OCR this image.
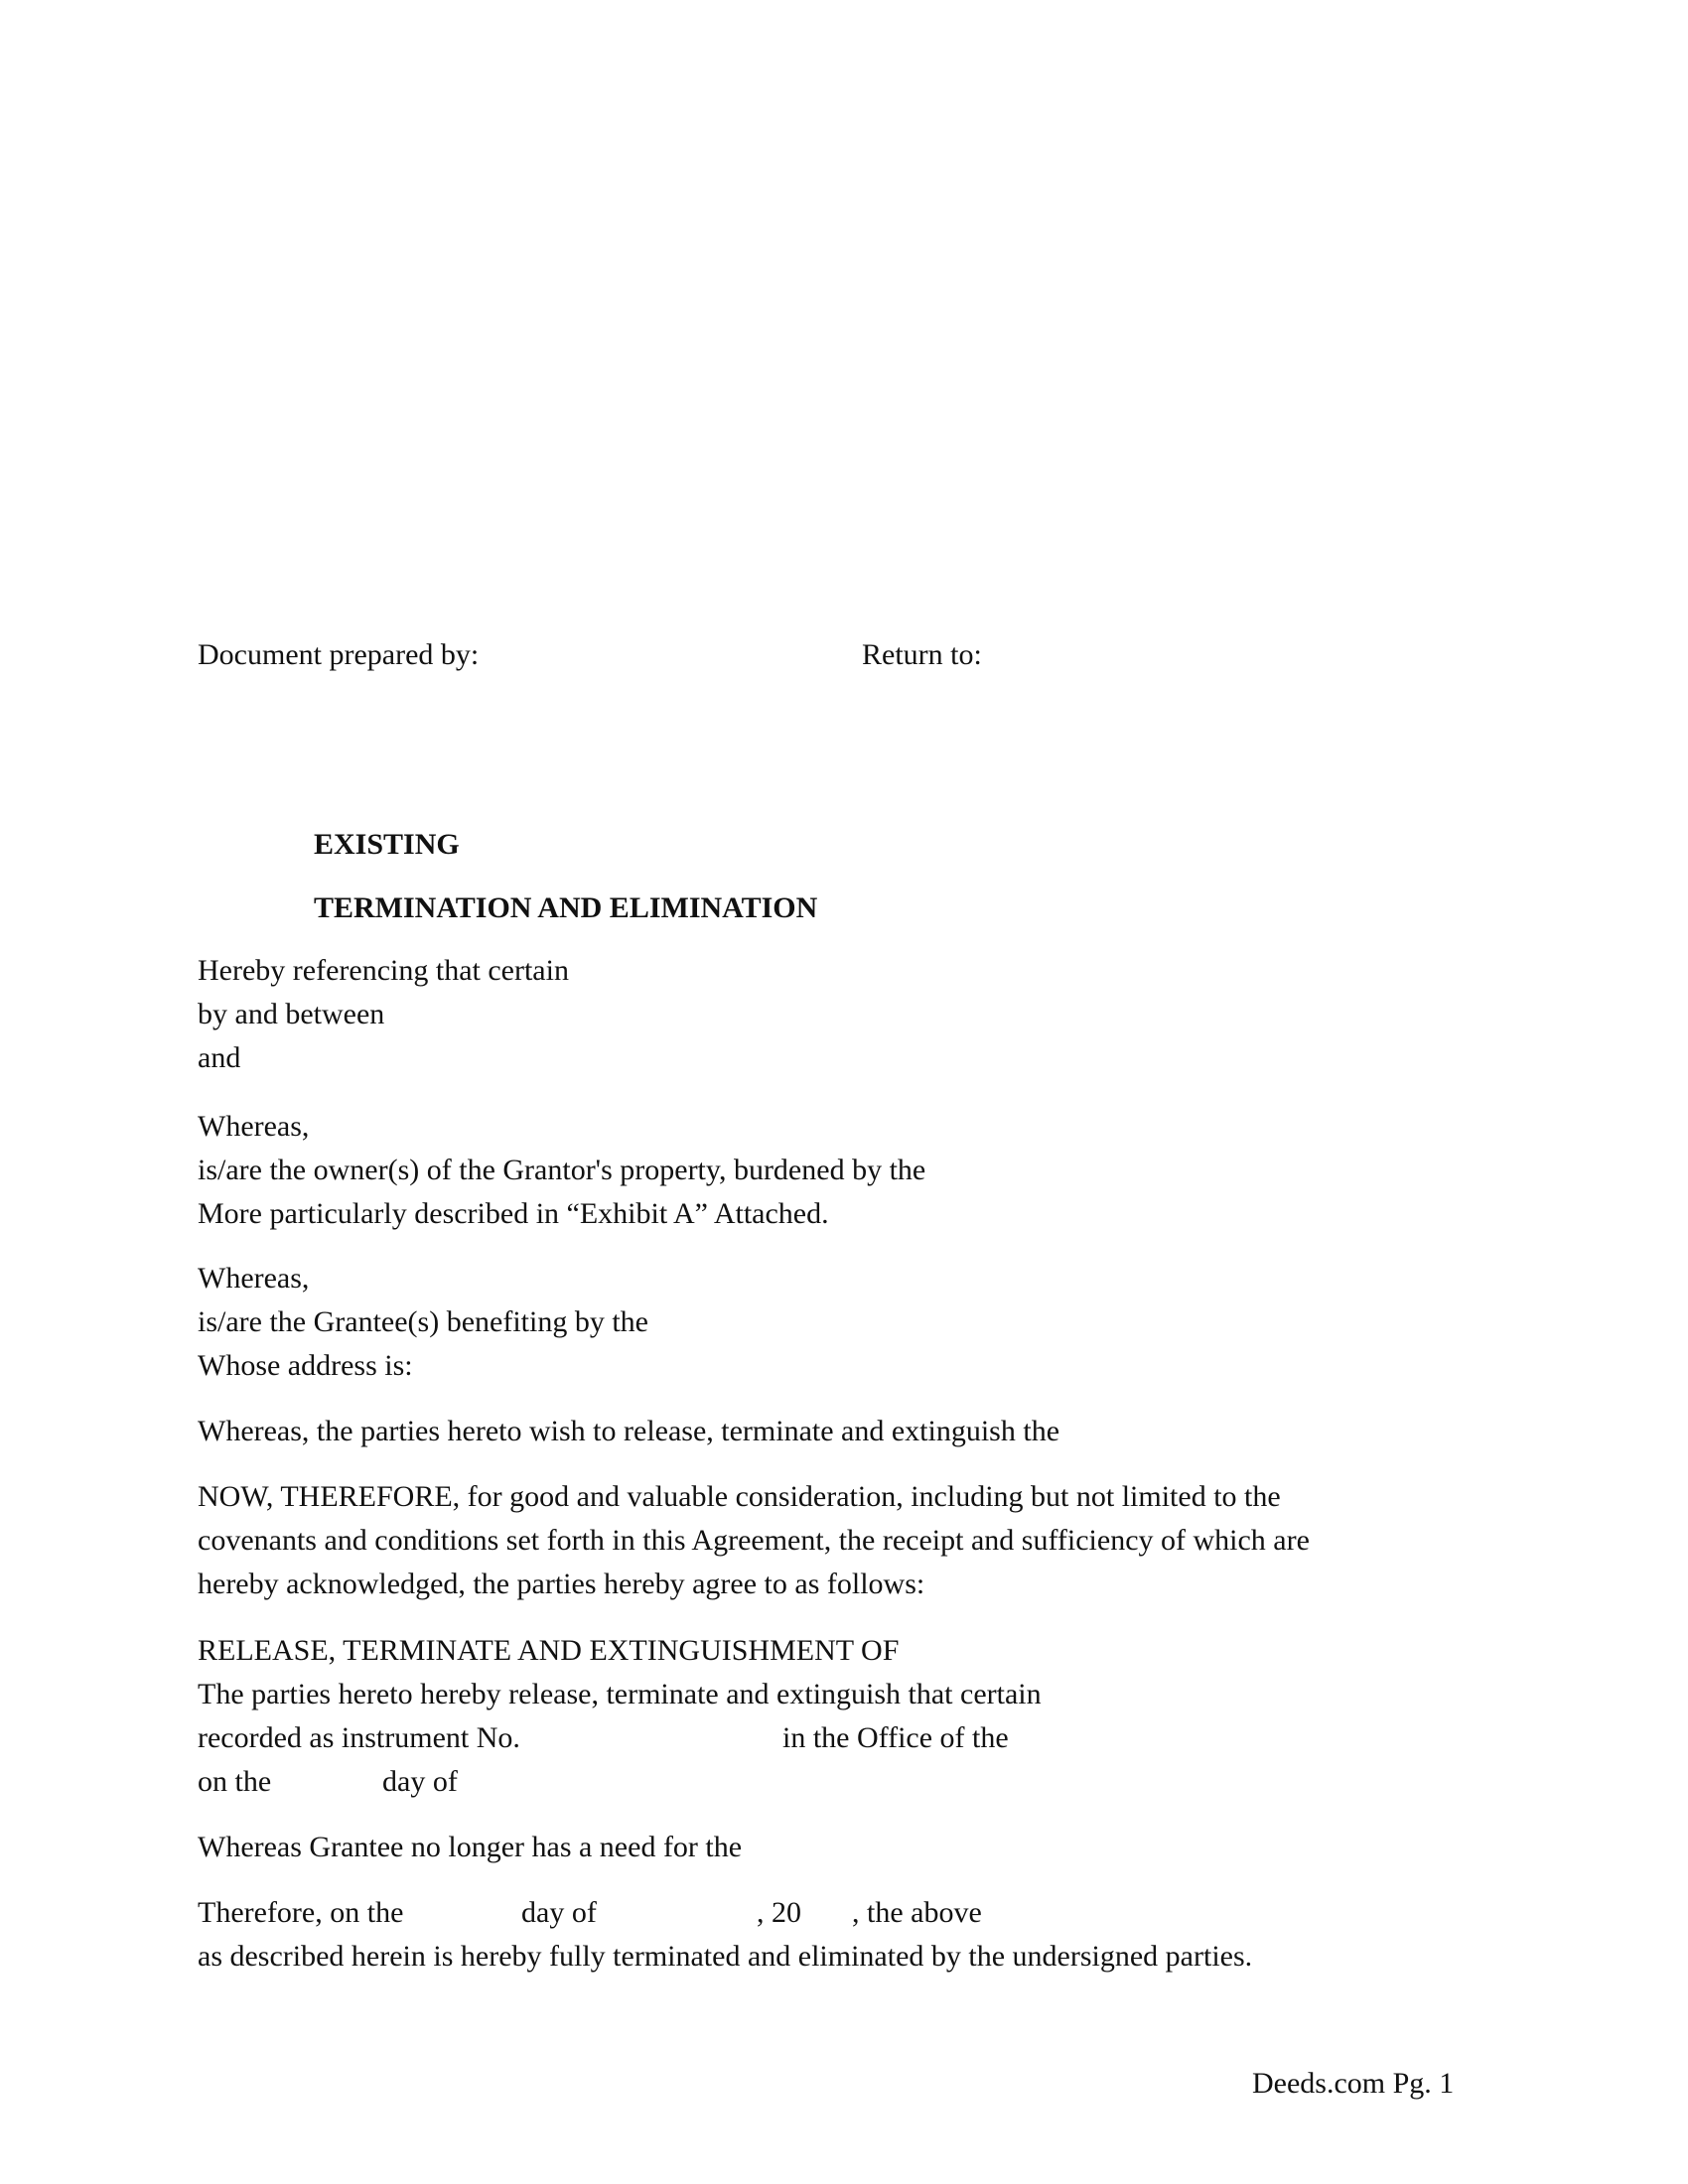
Document prepared by:	Return to:
EXISTING
TERMINATION AND ELIMINATION
Hereby referencing that certain
by and between
and
Whereas,
is/are the owner(s) of the Grantor's property, burdened by the
More particularly described in “Exhibit A” Attached.
Whereas,
is/are the Grantee(s) benefiting by the
Whose address is:
Whereas, the parties hereto wish to release, terminate and extinguish the
NOW, THEREFORE, for good and valuable consideration, including but not limited to the
covenants and conditions set forth in this Agreement, the receipt and sufficiency of which are
hereby acknowledged, the parties hereby agree to as follows:
RELEASE, TERMINATE AND EXTINGUISHMENT OF
The parties hereto hereby release, terminate and extinguish that certain
recorded as instrument No.	in the Office of the
on the	day of
Whereas Grantee no longer has a need for the
Therefore, on the	day of	, 20 , the above
as described herein is hereby fully terminated and eliminated by the undersigned parties.
Deeds.com Pg. 1
